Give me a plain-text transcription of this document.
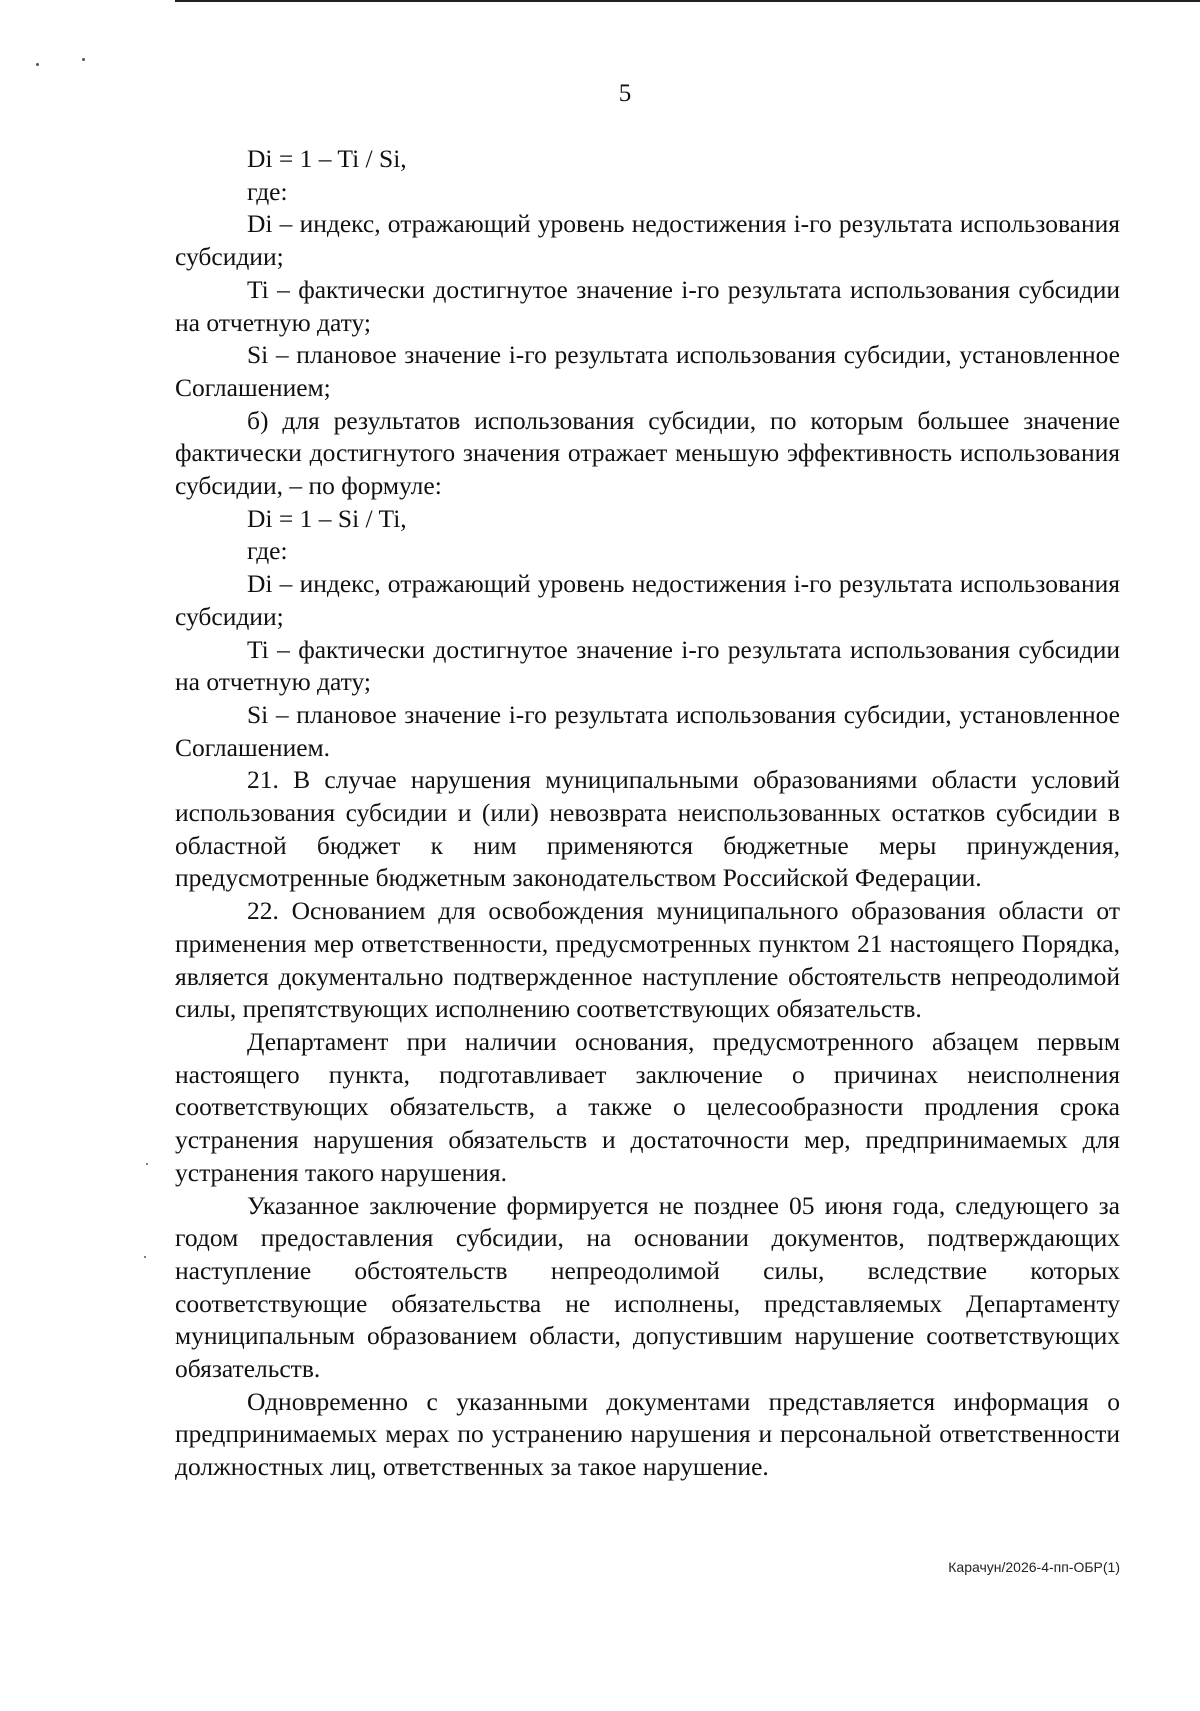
5

Di = 1 – Ti / Si,

где:

Di – индекс, отражающий уровень недостижения i-го результата использования субсидии;

Ti – фактически достигнутое значение i-го результата использования субсидии на отчетную дату;

Si – плановое значение i-го результата использования субсидии, установленное Соглашением;

б) для результатов использования субсидии, по которым большее значение фактически достигнутого значения отражает меньшую эффективность использования субсидии, – по формуле:

Di = 1 – Si / Ti,

где:

Di – индекс, отражающий уровень недостижения i-го результата использования субсидии;

Ti – фактически достигнутое значение i-го результата использования субсидии на отчетную дату;

Si – плановое значение i-го результата использования субсидии, установленное Соглашением.

21. В случае нарушения муниципальными образованиями области условий использования субсидии и (или) невозврата неиспользованных остатков субсидии в областной бюджет к ним применяются бюджетные меры принуждения, предусмотренные бюджетным законодательством Российской Федерации.

22. Основанием для освобождения муниципального образования области от применения мер ответственности, предусмотренных пунктом 21 настоящего Порядка, является документально подтвержденное наступление обстоятельств непреодолимой силы, препятствующих исполнению соответствующих обязательств.

Департамент при наличии основания, предусмотренного абзацем первым настоящего пункта, подготавливает заключение о причинах неисполнения соответствующих обязательств, а также о целесообразности продления срока устранения нарушения обязательств и достаточности мер, предпринимаемых для устранения такого нарушения.

Указанное заключение формируется не позднее 05 июня года, следующего за годом предоставления субсидии, на основании документов, подтверждающих наступление обстоятельств непреодолимой силы, вследствие которых соответствующие обязательства не исполнены, представляемых Департаменту муниципальным образованием области, допустившим нарушение соответствующих обязательств.

Одновременно с указанными документами представляется информация о предпринимаемых мерах по устранению нарушения и персональной ответственности должностных лиц, ответственных за такое нарушение.

Карачун/2026-4-пп-ОБР(1)
